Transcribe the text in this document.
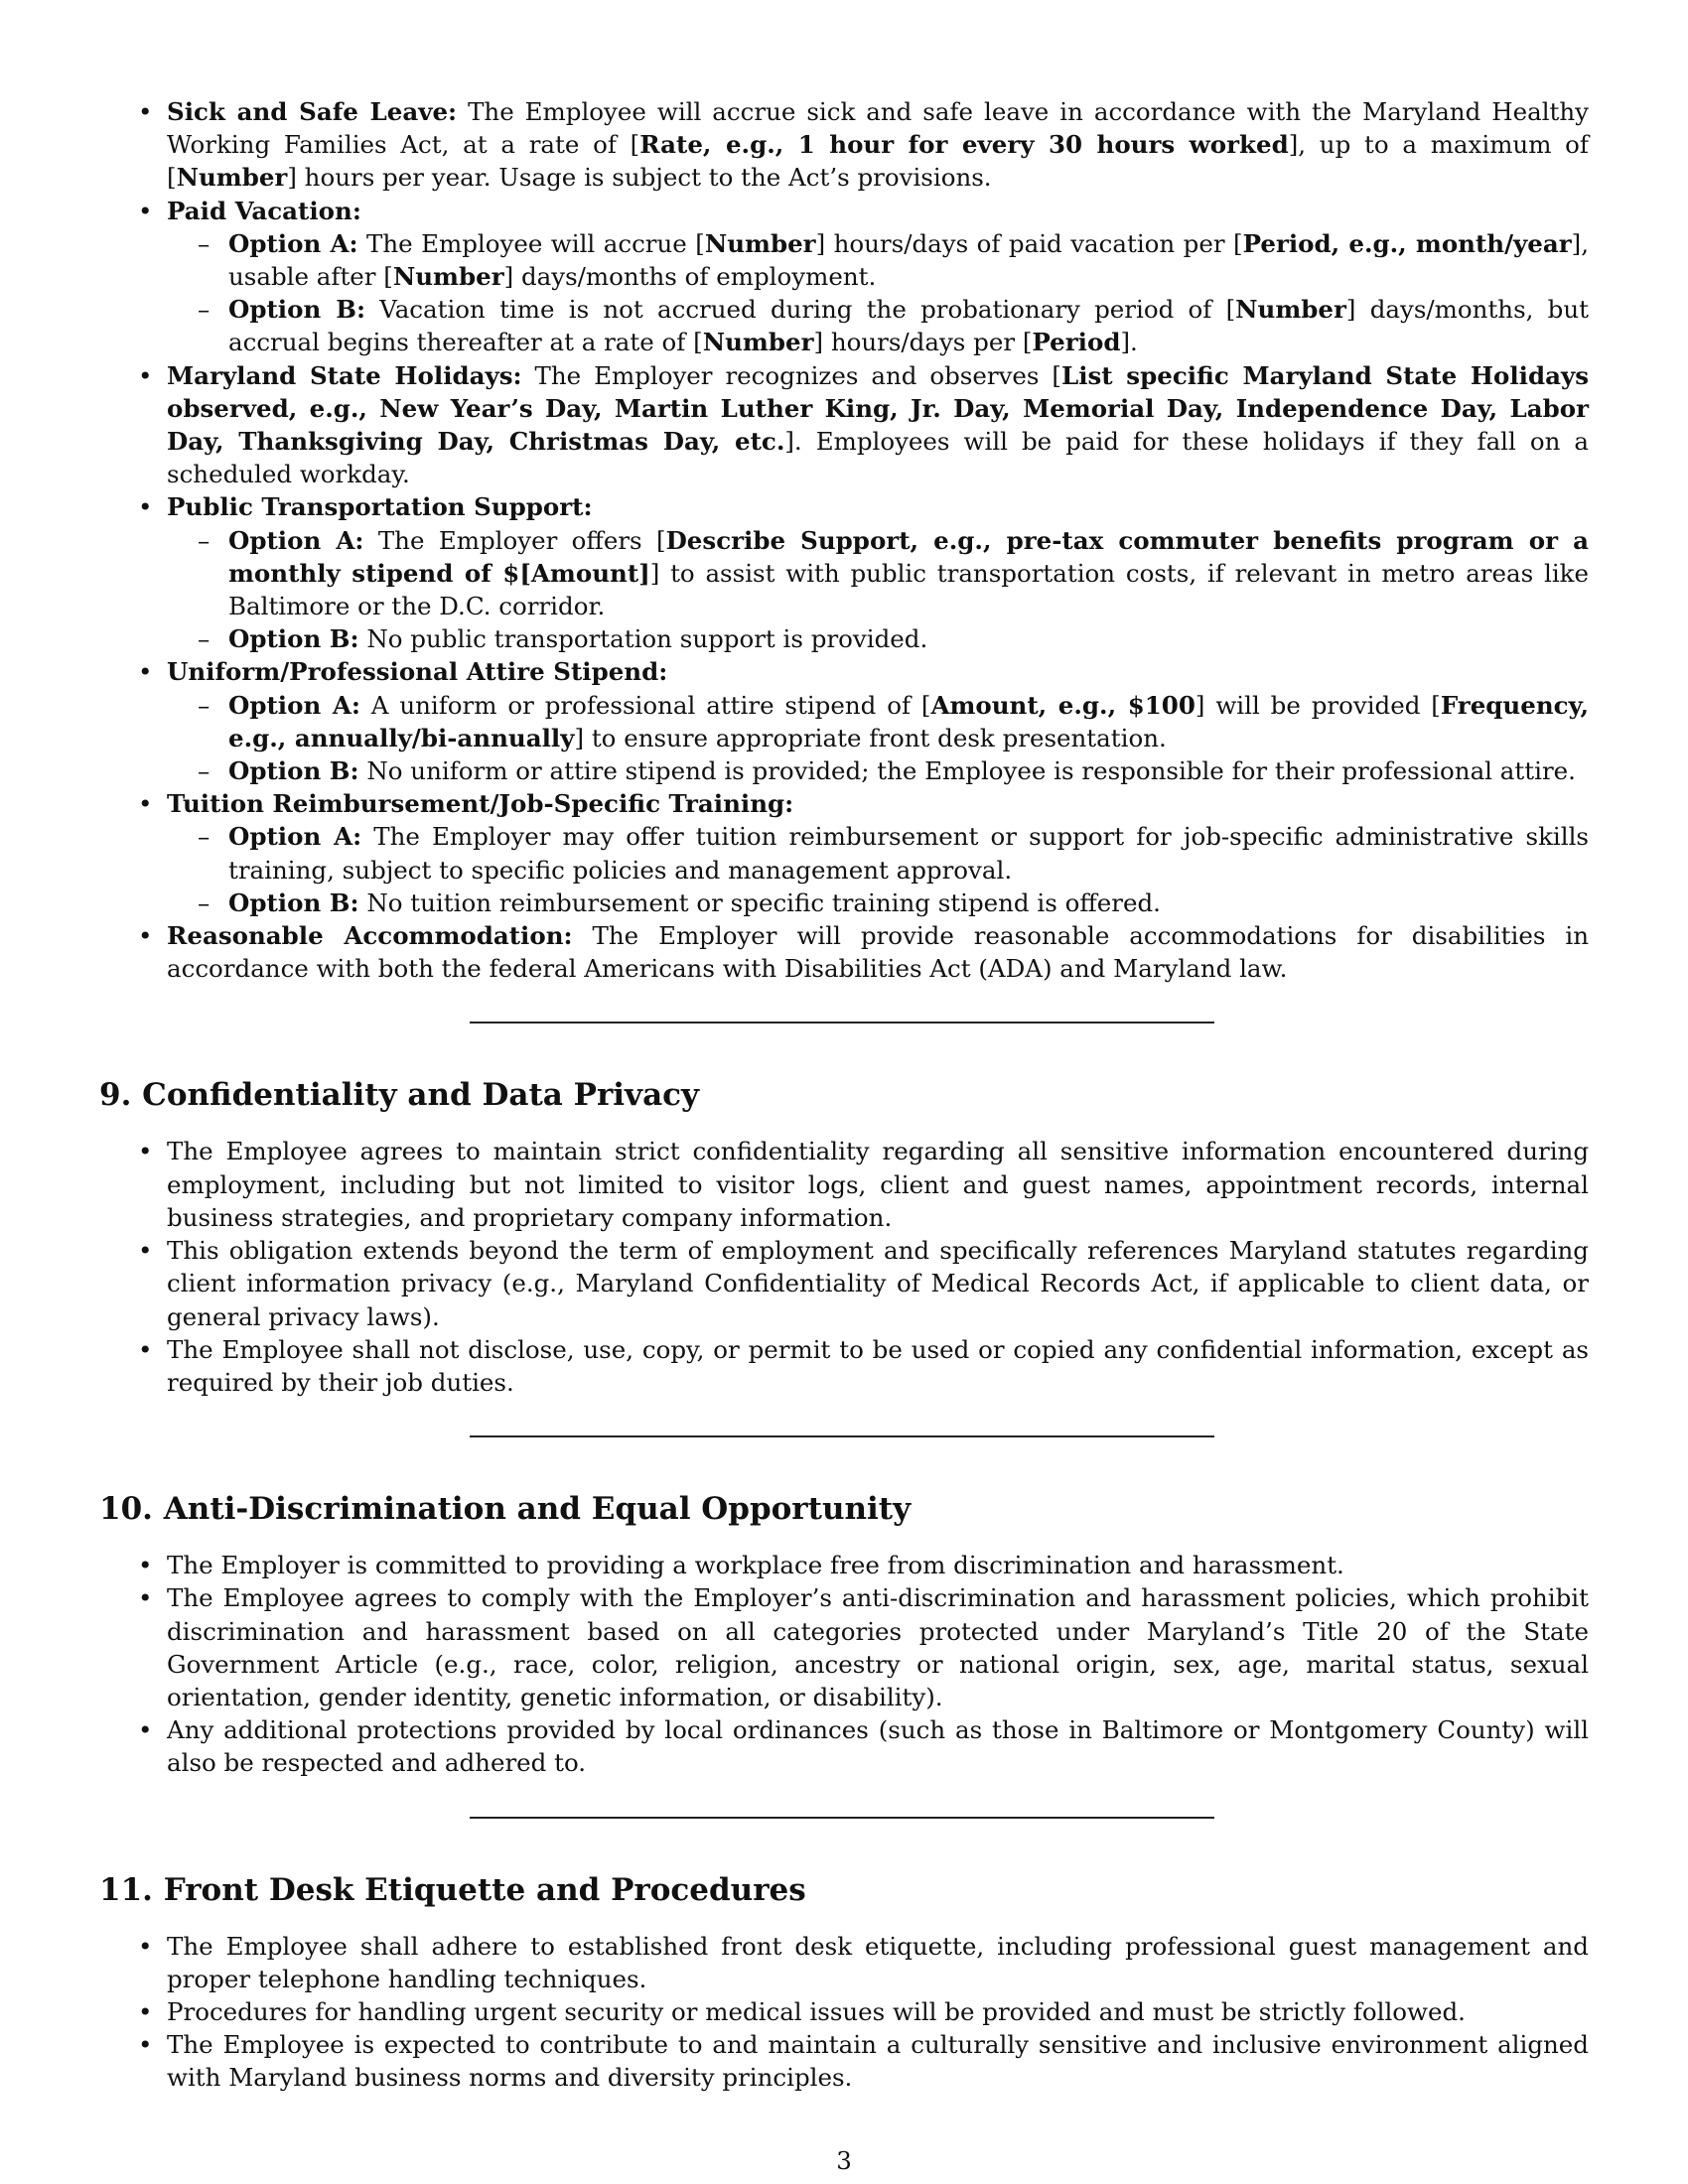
• Sick and Safe Leave: The Employee will accrue sick and safe leave in accordance with the Maryland Healthy Working Families Act, at a rate of [Rate, e.g., 1 hour for every 30 hours worked], up to a maximum of [Number] hours per year. Usage is subject to the Act’s provisions.
• Paid Vacation:
– Option A: The Employee will accrue [Number] hours/days of paid vacation per [Period, e.g., month/year], usable after [Number] days/months of employment.
– Option B: Vacation time is not accrued during the probationary period of [Number] days/months, but accrual begins thereafter at a rate of [Number] hours/days per [Period].
• Maryland State Holidays: The Employer recognizes and observes [List specific Maryland State Holidays observed, e.g., New Year’s Day, Martin Luther King, Jr. Day, Memorial Day, Independence Day, Labor Day, Thanksgiving Day, Christmas Day, etc.]. Employees will be paid for these holidays if they fall on a scheduled workday.
• Public Transportation Support:
– Option A: The Employer offers [Describe Support, e.g., pre-tax commuter benefits program or a monthly stipend of $[Amount]] to assist with public transportation costs, if relevant in metro areas like Baltimore or the D.C. corridor.
– Option B: No public transportation support is provided.
• Uniform/Professional Attire Stipend:
– Option A: A uniform or professional attire stipend of [Amount, e.g., $100] will be provided [Frequency, e.g., annually/bi-annually] to ensure appropriate front desk presentation.
– Option B: No uniform or attire stipend is provided; the Employee is responsible for their professional attire.
• Tuition Reimbursement/Job-Specific Training:
– Option A: The Employer may offer tuition reimbursement or support for job-specific administrative skills training, subject to specific policies and management approval.
– Option B: No tuition reimbursement or specific training stipend is offered.
• Reasonable Accommodation: The Employer will provide reasonable accommodations for disabilities in accordance with both the federal Americans with Disabilities Act (ADA) and Maryland law.
9. Confidentiality and Data Privacy
• The Employee agrees to maintain strict confidentiality regarding all sensitive information encountered during employment, including but not limited to visitor logs, client and guest names, appointment records, internal business strategies, and proprietary company information.
• This obligation extends beyond the term of employment and specifically references Maryland statutes regarding client information privacy (e.g., Maryland Confidentiality of Medical Records Act, if applicable to client data, or general privacy laws).
• The Employee shall not disclose, use, copy, or permit to be used or copied any confidential information, except as required by their job duties.
10. Anti-Discrimination and Equal Opportunity
• The Employer is committed to providing a workplace free from discrimination and harassment.
• The Employee agrees to comply with the Employer’s anti-discrimination and harassment policies, which prohibit discrimination and harassment based on all categories protected under Maryland’s Title 20 of the State Government Article (e.g., race, color, religion, ancestry or national origin, sex, age, marital status, sexual orientation, gender identity, genetic information, or disability).
• Any additional protections provided by local ordinances (such as those in Baltimore or Montgomery County) will also be respected and adhered to.
11. Front Desk Etiquette and Procedures
• The Employee shall adhere to established front desk etiquette, including professional guest management and proper telephone handling techniques.
• Procedures for handling urgent security or medical issues will be provided and must be strictly followed.
• The Employee is expected to contribute to and maintain a culturally sensitive and inclusive environment aligned with Maryland business norms and diversity principles.
3
